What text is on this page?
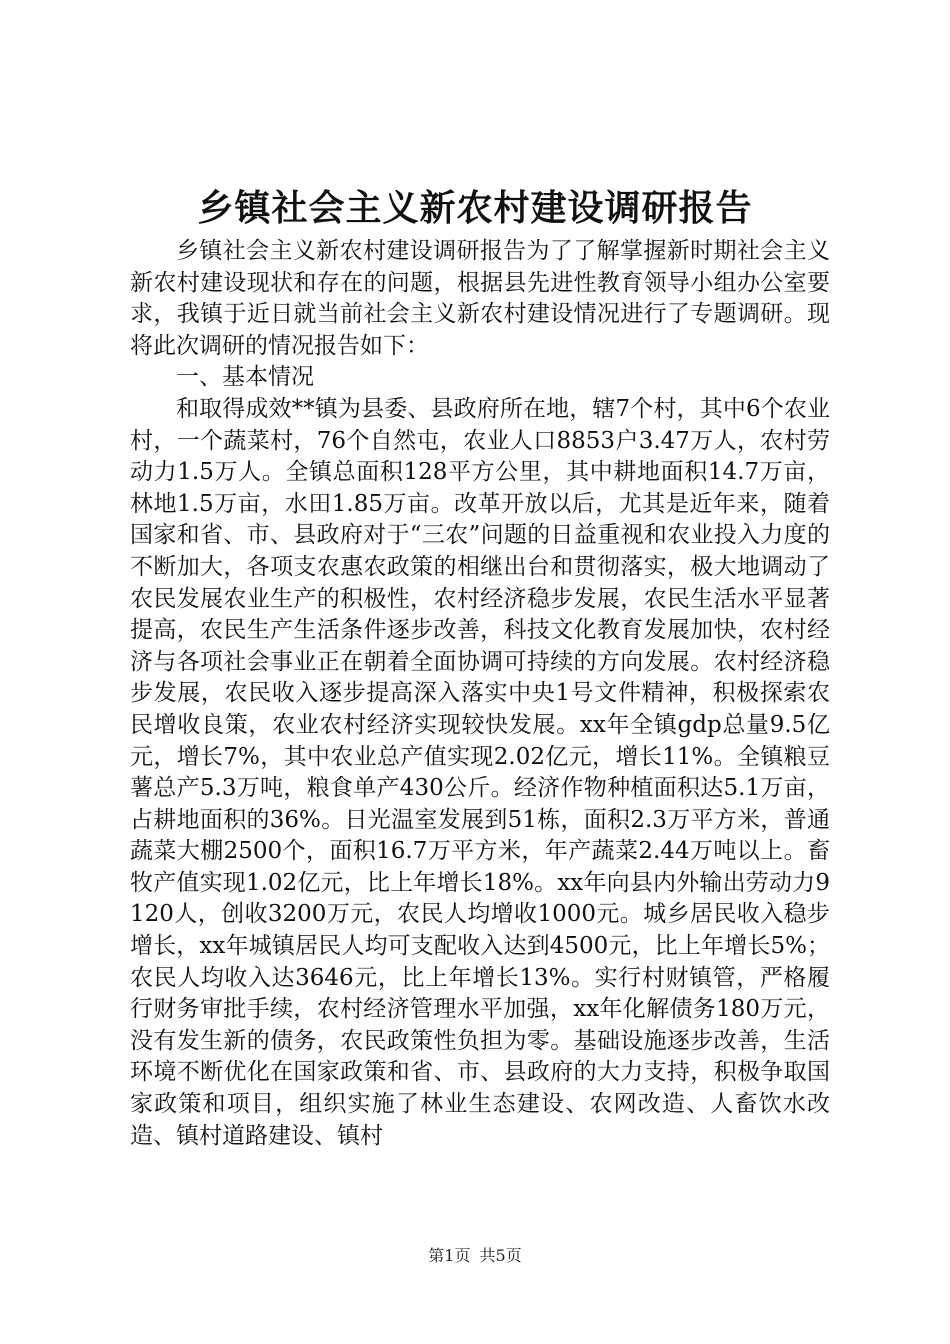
乡镇社会主义新农村建设调研报告

乡镇社会主义新农村建设调研报告为了了解掌握新时期社会主义新农村建设现状和存在的问题，根据县先进性教育领导小组办公室要求，我镇于近日就当前社会主义新农村建设情况进行了专题调研。现将此次调研的情况报告如下：

一、基本情况

和取得成效**镇为县委、县政府所在地，辖7个村，其中6个农业村，一个蔬菜村，76个自然屯，农业人口8853户3.47万人，农村劳动力1.5万人。全镇总面积128平方公里，其中耕地面积14.7万亩，林地1.5万亩，水田1.85万亩。改革开放以后，尤其是近年来，随着国家和省、市、县政府对于“三农”问题的日益重视和农业投入力度的不断加大，各项支农惠农政策的相继出台和贯彻落实，极大地调动了农民发展农业生产的积极性，农村经济稳步发展，农民生活水平显著提高，农民生产生活条件逐步改善，科技文化教育发展加快，农村经济与各项社会事业正在朝着全面协调可持续的方向发展。农村经济稳步发展，农民收入逐步提高深入落实中央1号文件精神，积极探索农民增收良策，农业农村经济实现较快发展。xx年全镇gdp总量9.5亿元，增长7%，其中农业总产值实现2.02亿元，增长11%。全镇粮豆薯总产5.3万吨，粮食单产430公斤。经济作物种植面积达5.1万亩，占耕地面积的36%。日光温室发展到51栋，面积2.3万平方米，普通蔬菜大棚2500个，面积16.7万平方米，年产蔬菜2.44万吨以上。畜牧产值实现1.02亿元，比上年增长18%。xx年向县内外输出劳动力9120人，创收3200万元，农民人均增收1000元。城乡居民收入稳步增长，xx年城镇居民人均可支配收入达到4500元，比上年增长5%；农民人均收入达3646元，比上年增长13%。实行村财镇管，严格履行财务审批手续，农村经济管理水平加强，xx年化解债务180万元，没有发生新的债务，农民政策性负担为零。基础设施逐步改善，生活环境不断优化在国家政策和省、市、县政府的大力支持，积极争取国家政策和项目，组织实施了林业生态建设、农网改造、人畜饮水改造、镇村道路建设、镇村

第1页 共5页
